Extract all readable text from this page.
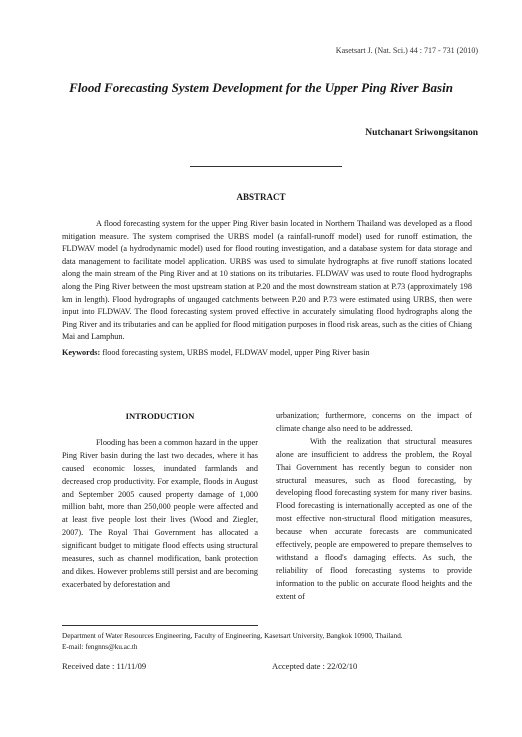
Kasetsart J. (Nat. Sci.) 44 : 717 - 731 (2010)
Flood Forecasting System Development for the Upper Ping River Basin
Nutchanart Sriwongsitanon
ABSTRACT

A flood forecasting system for the upper Ping River basin located in Northern Thailand was developed as a flood mitigation measure. The system comprised the URBS model (a rainfall-runoff model) used for runoff estimation, the FLDWAV model (a hydrodynamic model) used for flood routing investigation, and a database system for data storage and data management to facilitate model application. URBS was used to simulate hydrographs at five runoff stations located along the main stream of the Ping River and at 10 stations on its tributaries. FLDWAV was used to route flood hydrographs along the Ping River between the most upstream station at P.20 and the most downstream station at P.73 (approximately 198 km in length). Flood hydrographs of ungauged catchments between P.20 and P.73 were estimated using URBS, then were input into FLDWAV. The flood forecasting system proved effective in accurately simulating flood hydrographs along the Ping River and its tributaries and can be applied for flood mitigation purposes in flood risk areas, such as the cities of Chiang Mai and Lamphun.

Keywords: flood forecasting system, URBS model, FLDWAV model, upper Ping River basin
INTRODUCTION

Flooding has been a common hazard in the upper Ping River basin during the last two decades, where it has caused economic losses, inundated farmlands and decreased crop productivity. For example, floods in August and September 2005 caused property damage of 1,000 million baht, more than 250,000 people were affected and at least five people lost their lives (Wood and Ziegler, 2007). The Royal Thai Government has allocated a significant budget to mitigate flood effects using structural measures, such as channel modification, bank protection and dikes. However problems still persist and are becoming exacerbated by deforestation and

urbanization; furthermore, concerns on the impact of climate change also need to be addressed.

With the realization that structural measures alone are insufficient to address the problem, the Royal Thai Government has recently begun to consider non structural measures, such as flood forecasting, by developing flood forecasting system for many river basins. Flood forecasting is internationally accepted as one of the most effective non-structural flood mitigation measures, because when accurate forecasts are communicated effectively, people are empowered to prepare themselves to withstand a flood's damaging effects. As such, the reliability of flood forecasting systems to provide information to the public on accurate flood heights and the extent of

Department of Water Resources Engineering, Faculty of Engineering, Kasetsart University, Bangkok 10900, Thailand.
E-mail: fengnns@ku.ac.th
Received date : 11/11/09	Accepted date : 22/02/10
